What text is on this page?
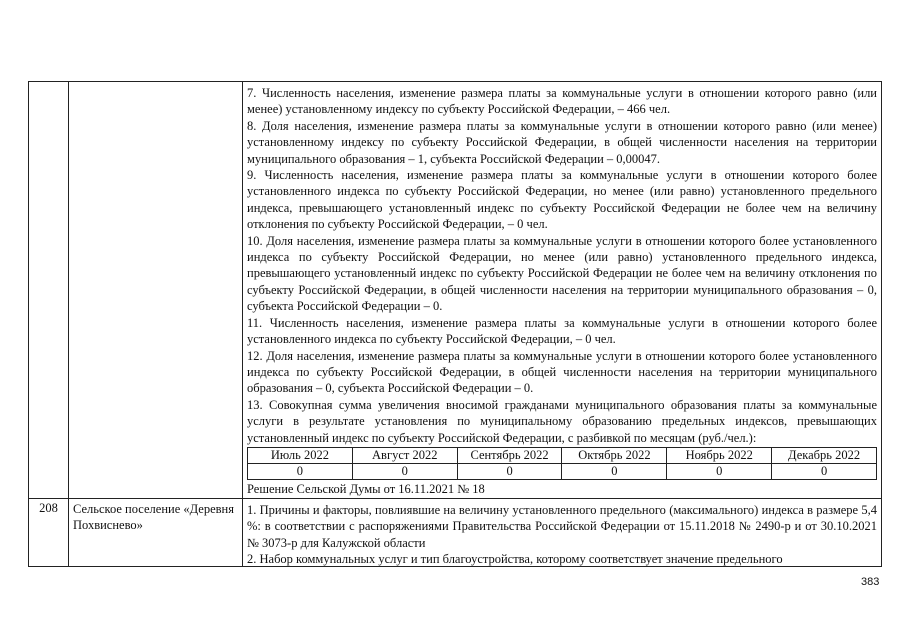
7. Численность населения, изменение размера платы за коммунальные услуги в отношении которого равно (или менее) установленному индексу по субъекту Российской Федерации, – 466 чел.

8. Доля населения, изменение размера платы за коммунальные услуги в отношении которого равно (или менее) установленному индексу по субъекту Российской Федерации, в общей численности населения на территории муниципального образования – 1, субъекта Российской Федерации – 0,00047.

9. Численность населения, изменение размера платы за коммунальные услуги в отношении которого более установленного индекса по субъекту Российской Федерации, но менее (или равно) установленного предельного индекса, превышающего установленный индекс по субъекту Российской Федерации не более чем на величину отклонения по субъекту Российской Федерации, – 0 чел.

10. Доля населения, изменение размера платы за коммунальные услуги в отношении которого более установленного индекса по субъекту Российской Федерации, но менее (или равно) установленного предельного индекса, превышающего установленный индекс по субъекту Российской Федерации не более чем на величину отклонения по субъекту Российской Федерации, в общей численности населения на территории муниципального образования – 0, субъекта Российской Федерации – 0.

11. Численность населения, изменение размера платы за коммунальные услуги в отношении которого более установленного индекса по субъекту Российской Федерации, – 0 чел.

12. Доля населения, изменение размера платы за коммунальные услуги в отношении которого более установленного индекса по субъекту Российской Федерации, в общей численности населения на территории муниципального образования – 0, субъекта Российской Федерации – 0.

13. Совокупная сумма увеличения вносимой гражданами муниципального образования платы за коммунальные услуги в результате установления по муниципальному образованию предельных индексов, превышающих установленный индекс по субъекту Российской Федерации, с разбивкой по месяцам (руб./чел.):

Июль 2022	Август 2022	Сентябрь 2022	Октябрь 2022	Ноябрь 2022	Декабрь 2022
0	0	0	0	0	0

Решение Сельской Думы от 16.11.2021 № 18

208	Сельское поселение «Деревня Похвиснево»	

1. Причины и факторы, повлиявшие на величину установленного предельного (максимального) индекса в размере 5,4 %: в соответствии с распоряжениями Правительства Российской Федерации от 15.11.2018 № 2490-р и от 30.10.2021 № 3073-р для Калужской области

2. Набор коммунальных услуг и тип благоустройства, которому соответствует значение предельного

383
